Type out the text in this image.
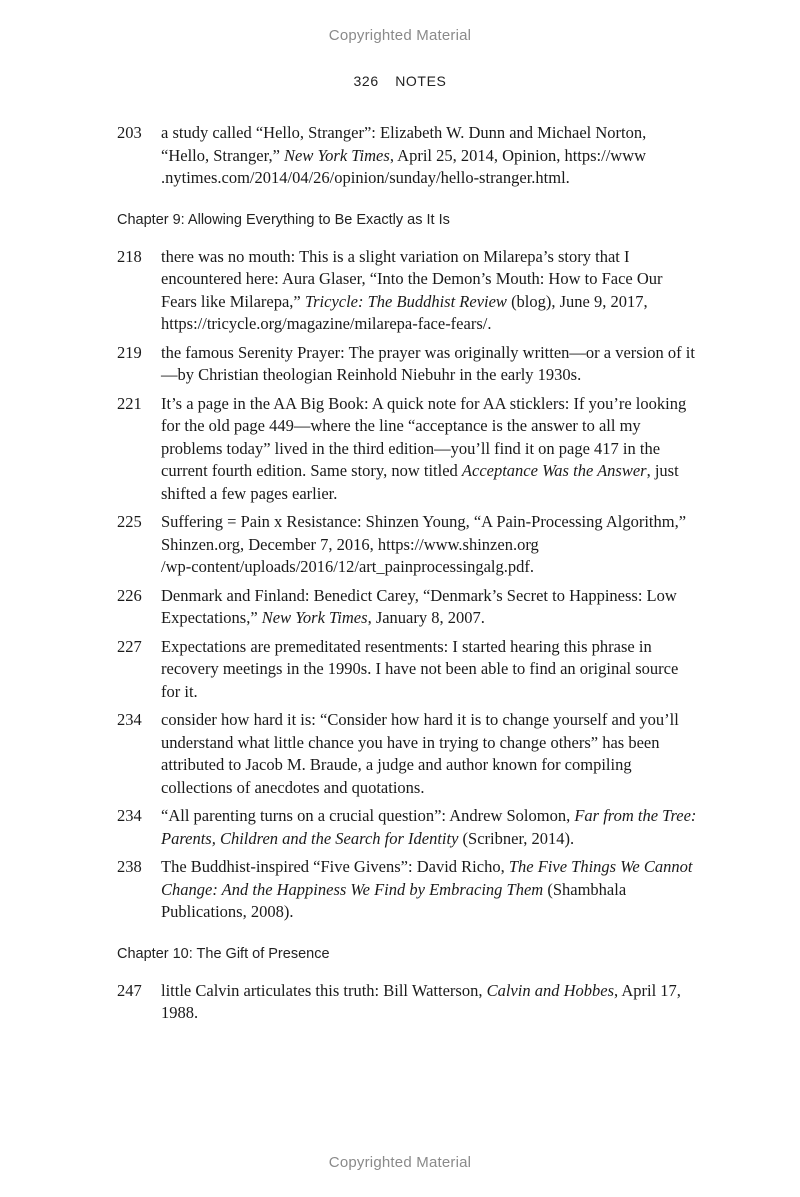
Copyrighted Material
326 NOTES
203	a study called “Hello, Stranger”: Elizabeth W. Dunn and Michael Norton, “Hello, Stranger,” New York Times, April 25, 2014, Opinion, https://www
.nytimes.com/2014/04/26/opinion/sunday/hello-stranger.html.
Chapter 9: Allowing Everything to Be Exactly as It Is
218	there was no mouth: This is a slight variation on Milarepa’s story that I encountered here: Aura Glaser, “Into the Demon’s Mouth: How to Face Our Fears like Milarepa,” Tricycle: The Buddhist Review (blog), June 9, 2017, https://tricycle.org/magazine/milarepa-face-fears/.
219	the famous Serenity Prayer: The prayer was originally written—or a version of it—by Christian theologian Reinhold Niebuhr in the early 1930s.
221	It’s a page in the AA Big Book: A quick note for AA sticklers: If you’re looking for the old page 449—where the line “acceptance is the answer to all my problems today” lived in the third edition—you’ll find it on page 417 in the current fourth edition. Same story, now titled Acceptance Was the Answer, just shifted a few pages earlier.
225	Suffering = Pain x Resistance: Shinzen Young, “A Pain-Processing Algorithm,” Shinzen.org, December 7, 2016, https://www.shinzen.org
/wp-content/uploads/2016/12/art_painprocessingalg.pdf.
226	Denmark and Finland: Benedict Carey, “Denmark’s Secret to Happiness: Low Expectations,” New York Times, January 8, 2007.
227	Expectations are premeditated resentments: I started hearing this phrase in recovery meetings in the 1990s. I have not been able to find an original source for it.
234	consider how hard it is: “Consider how hard it is to change yourself and you’ll understand what little chance you have in trying to change others” has been attributed to Jacob M. Braude, a judge and author known for compiling collections of anecdotes and quotations.
234	“All parenting turns on a crucial question”: Andrew Solomon, Far from the Tree: Parents, Children and the Search for Identity (Scribner, 2014).
238	The Buddhist-inspired “Five Givens”: David Richo, The Five Things We Cannot Change: And the Happiness We Find by Embracing Them (Shambhala Publications, 2008).
Chapter 10: The Gift of Presence
247	little Calvin articulates this truth: Bill Watterson, Calvin and Hobbes, April 17, 1988.
Copyrighted Material
